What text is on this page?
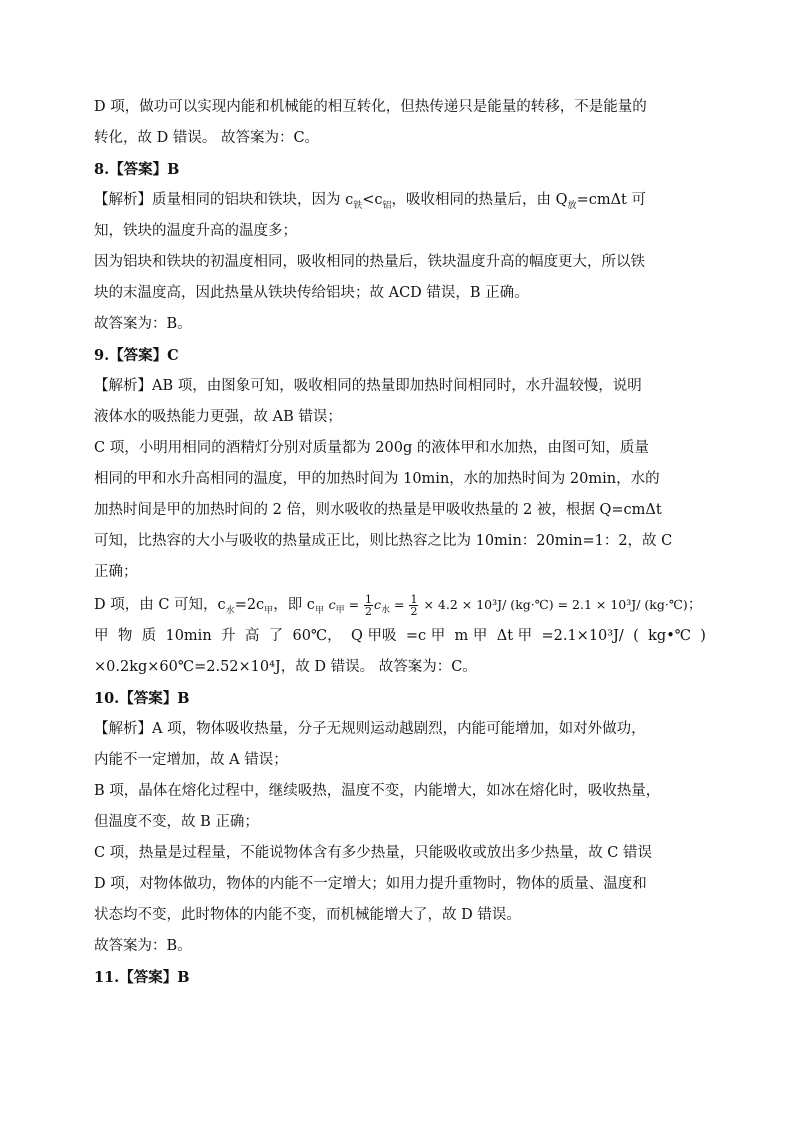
D 项，做功可以实现内能和机械能的相互转化，但热传递只是能量的转移，不是能量的
转化，故 D 错误。 故答案为：C。
8.【答案】B
【解析】质量相同的铝块和铁块，因为 $c_铁<c_铝$，吸收相同的热量后，由 $Q_放=cm\Delta t$ 可
知，铁块的温度升高的温度多；
因为铝块和铁块的初温度相同，吸收相同的热量后，铁块温度升高的幅度更大，所以铁
块的末温度高，因此热量从铁块传给铝块；故 ACD 错误，B 正确。
故答案为：B。
9.【答案】C
【解析】AB 项，由图象可知，吸收相同的热量即加热时间相同时，水升温较慢，说明
液体水的吸热能力更强，故 AB 错误；
C 项，小明用相同的酒精灯分别对质量都为 200g 的液体甲和水加热，由图可知，质量
相同的甲和水升高相同的温度，甲的加热时间为 10min，水的加热时间为 20min，水的
加热时间是甲的加热时间的 2 倍，则水吸收的热量是甲吸收热量的 2 被，根据 Q=cmΔt
可知，比热容的大小与吸收的热量成正比，则比热容之比为 10min：20min=1：2，故 C
正确；
D 项，由 C 可知，$c_水=2c_甲$，即 $c_甲$ $c_甲 = \frac{1}{2} c_水 = \frac{1}{2} \times 4.2 \times 10^3J/$ (kg·℃) = 2.1 × 10³J/ (kg·℃)；
甲 物 质 10min 升 高 了 60℃， Q 甲吸 =c 甲 m 甲 Δt 甲 =2.1×10³J/ ( kg•℃ )
×0.2kg×60℃=2.52×10⁴J，故 D 错误。 故答案为：C。
10.【答案】B
【解析】A 项，物体吸收热量，分子无规则运动越剧烈，内能可能增加，如对外做功，
内能不一定增加，故 A 错误；
B 项，晶体在熔化过程中，继续吸热，温度不变，内能增大，如冰在熔化时，吸收热量，
但温度不变，故 B 正确；
C 项，热量是过程量，不能说物体含有多少热量，只能吸收或放出多少热量，故 C 错误
D 项，对物体做功，物体的内能不一定增大；如用力提升重物时，物体的质量、温度和
状态均不变，此时物体的内能不变，而机械能增大了，故 D 错误。
故答案为：B。
11.【答案】B
